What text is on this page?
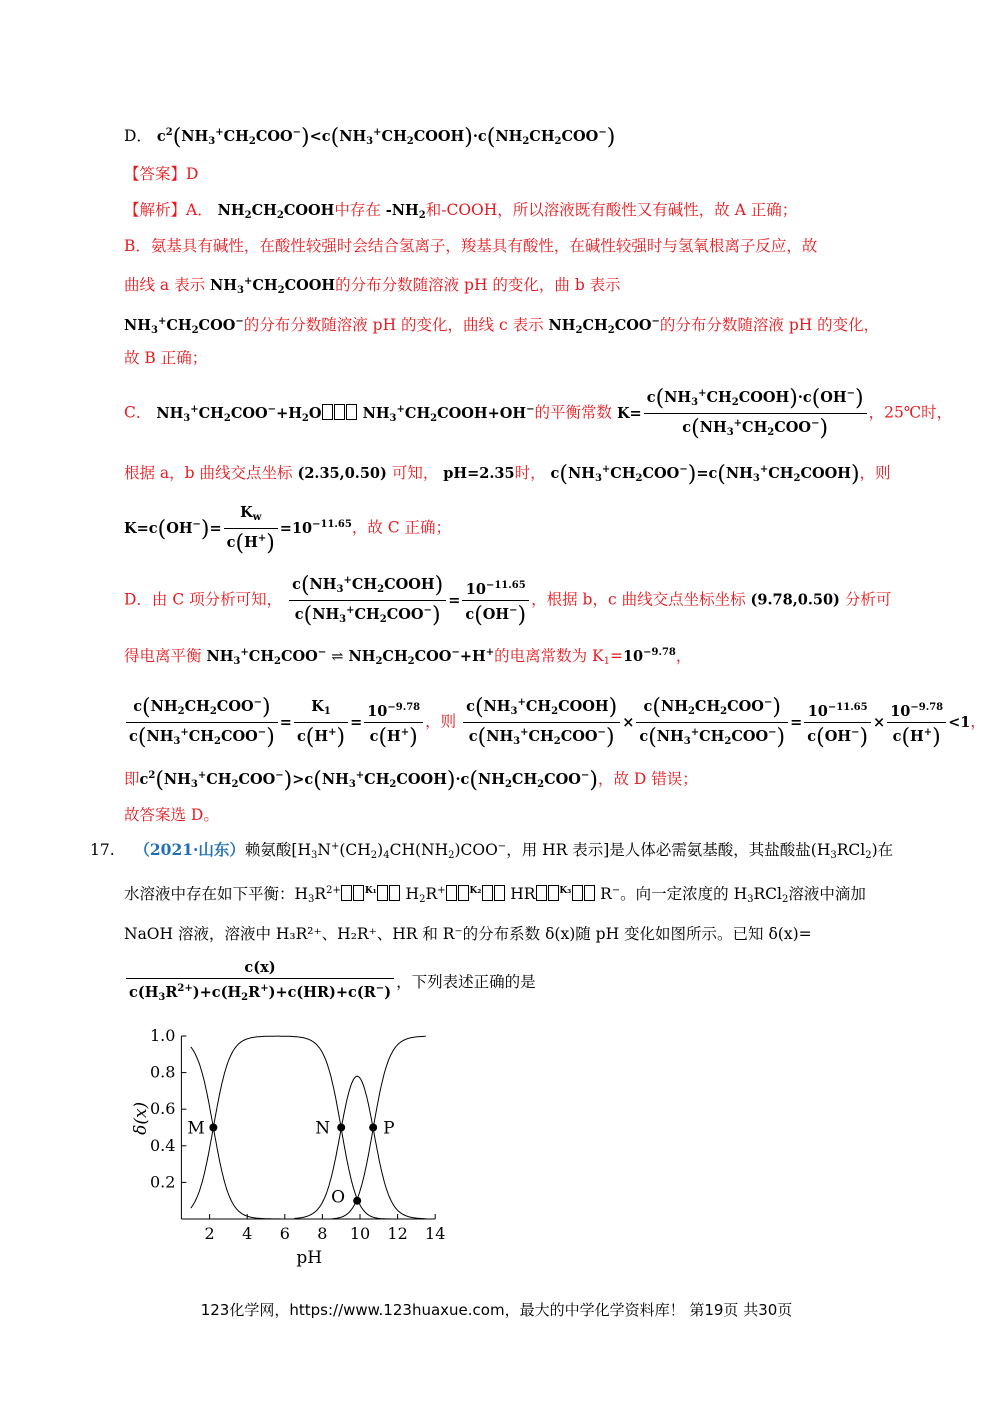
D． $c^2(NH_3^+CH_2COO^-)<c(NH_3^+CH_2COOH)\cdot c(NH_2CH_2COO^-)$
【答案】D
【解析】A． $NH_2CH_2COOH$中存在 $-NH_2$和-COOH，所以溶液既有酸性又有碱性，故 A 正确；
B．氨基具有碱性，在酸性较强时会结合氢离子，羧基具有酸性，在碱性较强时与氢氧根离子反应，故
曲线 a 表示 $NH_3^+CH_2COOH$的分布分数随溶液 pH 的变化，曲 b 表示
$NH_3^+CH_2COO^-$的分布分数随溶液 pH 的变化，曲线 c 表示 $NH_2CH_2COO^-$的分布分数随溶液 pH 的变化，
故 B 正确；
C． $NH_3^+CH_2COO^-+H_2O$ $NH_3^+CH_2COOH+OH^-$的平衡常数 $K= \frac{c(NH_3^+CH_2COOH)\cdot c(OH^-)}{c(NH_3^+CH_2COO^-)}$ ，25℃时，
根据 a，b 曲线交点坐标 (2.35,0.50) 可知， pH=2.35时， $c(NH_3^+CH_2COO^-)=c(NH_3^+CH_2COOH)$，则
$K=c(OH^-)= \frac{K_w}{c(H^+)} =10^{-11.65}$，故 C 正确；
D．由 C 项分析可知， $\frac{c(NH_3^+CH_2COOH)}{c(NH_3^+CH_2COO^-)} = \frac{10^{-11.65}}{c(OH^-)}$ ，根据 b，c 曲线交点坐标坐标 (9.78,0.50) 分析可
得电离平衡 $NH_3^+CH_2COO^-$ ⇌ $NH_2CH_2COO^-+H^+$的电离常数为 $K_1=10^{-9.78}$，
$\frac{c(NH_2CH_2COO^-)}{c(NH_3^+CH_2COO^-)} = \frac{K_1}{c(H^+)} = \frac{10^{-9.78}}{c(H^+)}$ ，则 $\frac{c(NH_3^+CH_2COOH)}{c(NH_3^+CH_2COO^-)} \times \frac{c(NH_2CH_2COO^-)}{c(NH_3^+CH_2COO^-)} = \frac{10^{-11.65}}{c(OH^-)} \times \frac{10^{-9.78}}{c(H^+)} <1$，
即$c^2(NH_3^+CH_2COO^-)>c(NH_3^+CH_2COOH)\cdot c(NH_2CH_2COO^-)$，故 D 错误；
故答案选 D。
17. （2021·山东）赖氨酸[$H_3N^+(CH_2)_4CH(NH_2)COO^-$，用 HR 表示]是人体必需氨基酸，其盐酸盐$(H_3RCl_2)$在
水溶液中存在如下平衡：$H_3R^{2+}$	$^{K_1}$ $H_2R^+$	$^{K_2}$ HR	$^{K_3}$ R−。向一定浓度的 $H_3RCl_2$溶液中滴加
NaOH 溶液，溶液中 H₃R²⁺、H₂R⁺、HR 和 R⁻的分布系数 δ(x)随 pH 变化如图所示。已知 δ(x)=
$\frac{c(x)}{c(H_3R^{2+})+c(H_2R^+)+c(HR)+c(R^-)}$ ，下列表述正确的是
2 4 6 8 10 12 14
0.2
0.4
0.6
0.8
1.0
pH
δ(x) M	N
O
P
123化学网，https://www.123huaxue.com，最大的中学化学资料库！ 第19页 共30页
